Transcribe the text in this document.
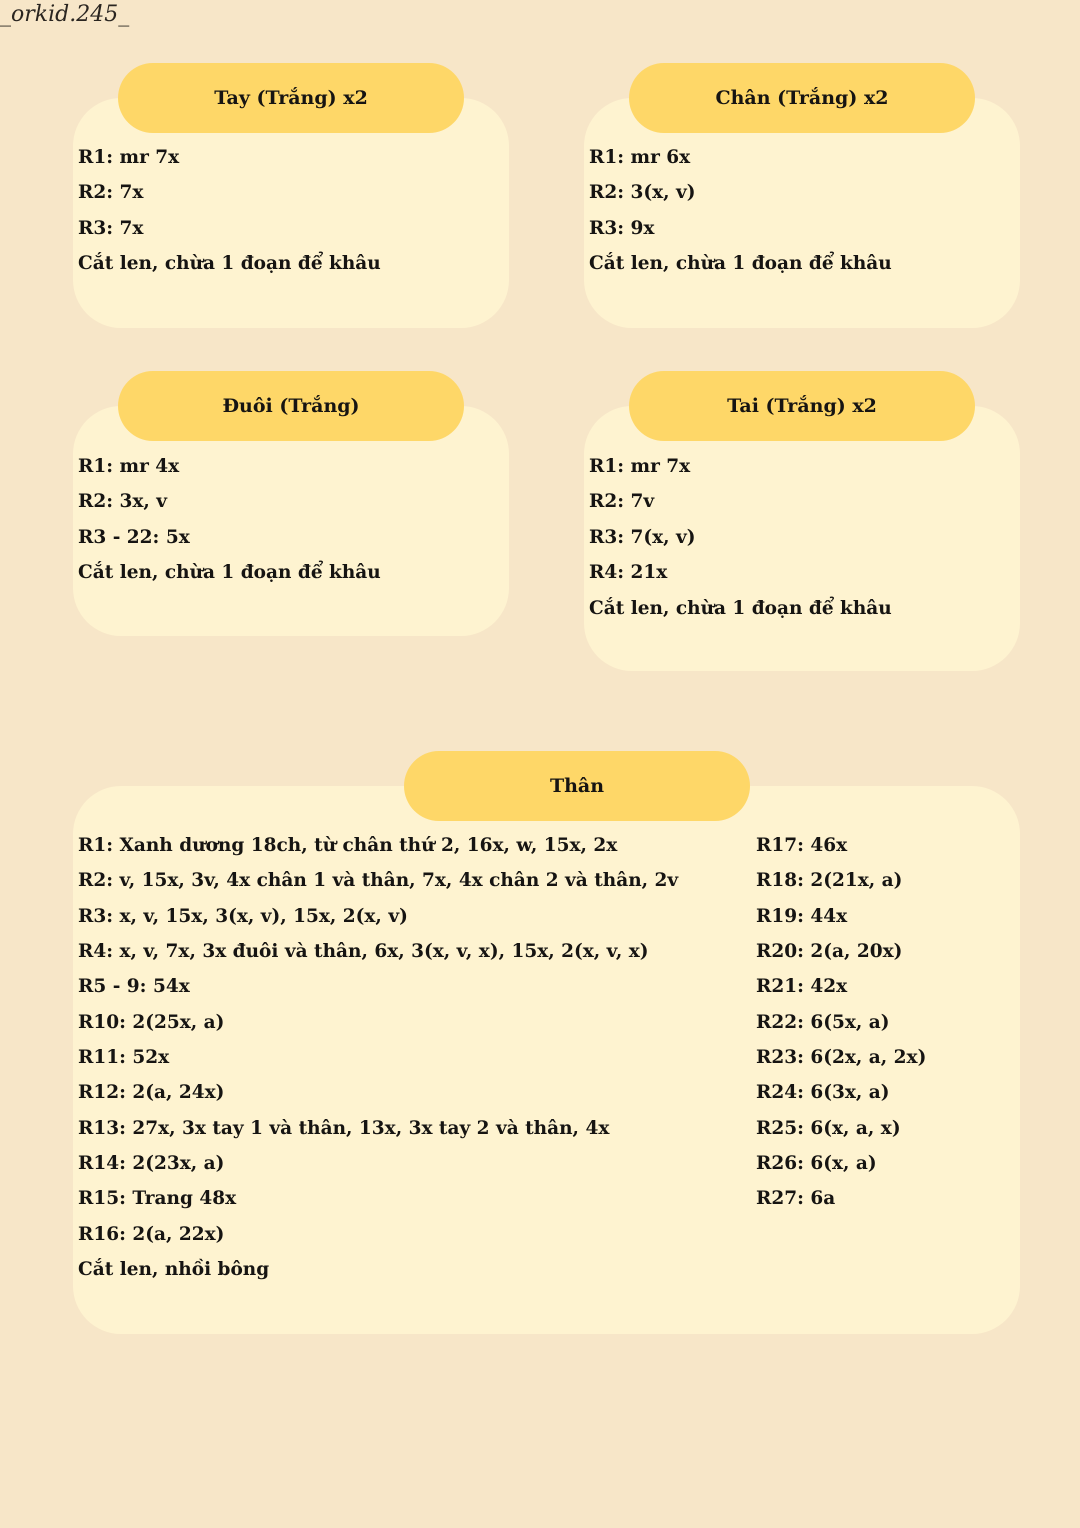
_orkid.245_
Tay (Trắng) x2
R1: mr 7x
R2: 7x
R3: 7x
Cắt len, chừa 1 đoạn để khâu
Chân (Trắng) x2
R1: mr 6x
R2: 3(x, v)
R3: 9x
Cắt len, chừa 1 đoạn để khâu
Đuôi (Trắng)
R1: mr 4x
R2: 3x, v
R3 - 22: 5x
Cắt len, chừa 1 đoạn để khâu
Tai (Trắng) x2
R1: mr 7x
R2: 7v
R3: 7(x, v)
R4: 21x
Cắt len, chừa 1 đoạn để khâu
Thân
R1: Xanh dương 18ch, từ chân thứ 2, 16x, w, 15x, 2x
R2: v, 15x, 3v, 4x chân 1 và thân, 7x, 4x chân 2 và thân, 2v
R3: x, v, 15x, 3(x, v), 15x, 2(x, v)
R4: x, v, 7x, 3x đuôi và thân, 6x, 3(x, v, x), 15x, 2(x, v, x)
R5 - 9: 54x
R10: 2(25x, a)
R11: 52x
R12: 2(a, 24x)
R13: 27x, 3x tay 1 và thân, 13x, 3x tay 2 và thân, 4x
R14: 2(23x, a)
R15: Trang 48x
R16: 2(a, 22x)
Cắt len, nhồi bông
R17: 46x
R18: 2(21x, a)
R19: 44x
R20: 2(a, 20x)
R21: 42x
R22: 6(5x, a)
R23: 6(2x, a, 2x)
R24: 6(3x, a)
R25: 6(x, a, x)
R26: 6(x, a)
R27: 6a
